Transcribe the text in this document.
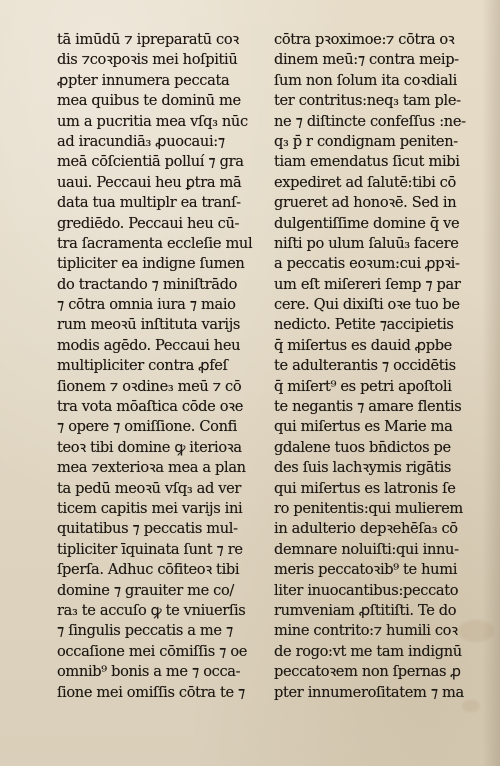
tā imūdū ⁊ ipreparatū coꝛ
dis ⁊coꝛpoꝛis mei hoſpitiū
ꝓpter innumera peccata
mea quibus te dominū me
um a pucritia mea vſq₃ nūc
ad iracundiā₃ ꝓuocaui:⁊
meā cōſcientiā polluí ⁊ gra
uaui. Peccaui heu ꝑtra mā
data tua multiplr ea tranſ-
grediēdo. Peccaui heu cū-
tra ſacramenta eccleſie mul
tipliciter ea indigne ſumen
do tractando ⁊ miniſtrādo
⁊ cōtra omnia iura ⁊ maio
rum meoꝛū inſtituta varijs
modis agēdo. Peccaui heu
multipliciter contra ꝓfeſ
ſionem ⁊ oꝛdine₃ meū ⁊ cō
tra vota mōaſtica cōde oꝛe
⁊ opere ⁊ omiſſione. Confi
teoꝛ tibi domine ꝙ iterioꝛa
mea ⁊exterioꝛa mea a plan
ta pedū meoꝛū vſq₃ ad ver
ticem capitis mei varijs ini
quitatibus ⁊ peccatis mul-
tipliciter īquinata ſunt ⁊ re
ſperſa. Adhuc cōfiteoꝛ tibi
domine ⁊ grauiter me co/
ra₃ te accuſo ꝙ te vniuerſis
⁊ ſingulis peccatis a me ⁊
occaſione mei cōmiſſis ⁊ oe
omnib⁹ bonis a me ⁊ occa-
ſione mei omiſſis cōtra te ⁊
cōtra pꝛoximoe:⁊ cōtra oꝛ
dinem meū:⁊ contra meip-
ſum non ſolum ita coꝛdiali
ter contritus:neq₃ tam ple-
ne ⁊ diſtincte confeſſus :ne-
q₃ p̄ r condignam peniten-
tiam emendatus ſicut mibi
expediret ad ſalutē:tibi cō
grueret ad honoꝛē. Sed in
dulgentiſſime domine q̄ ve
niſti po ulum ſaluū₃ facere
a peccatis eoꝛum:cui ꝓpꝛi-
um eſt miſereri ſemp ⁊ par
cere. Qui dixiſti oꝛe tuo be
nedicto. Petite ⁊accipietis
q̄ miſertus es dauid ꝓpbe
te adulterantis ⁊ occidētis
q̄ miſert⁹ es petri apoſtoli
te negantis ⁊ amare flentis
qui miſertus es Marie ma
gdalene tuos bn̄dictos pe
des ſuis lachꝛymis rigātis
qui miſertus es latronis ſe
ro penitentis:qui mulierem
in adulterio depꝛehēſa₃ cō
demnare noluiſti:qui innu-
meris peccatoꝛib⁹ te humi
liter inuocantibus:peccato
rumveniam ꝓſtitiſti. Te do
mine contrito:⁊ humili coꝛ
de rogo:vt me tam indignū
peccatoꝛem non ſpernas ꝓ
pter innumeroſitatem ⁊ ma
